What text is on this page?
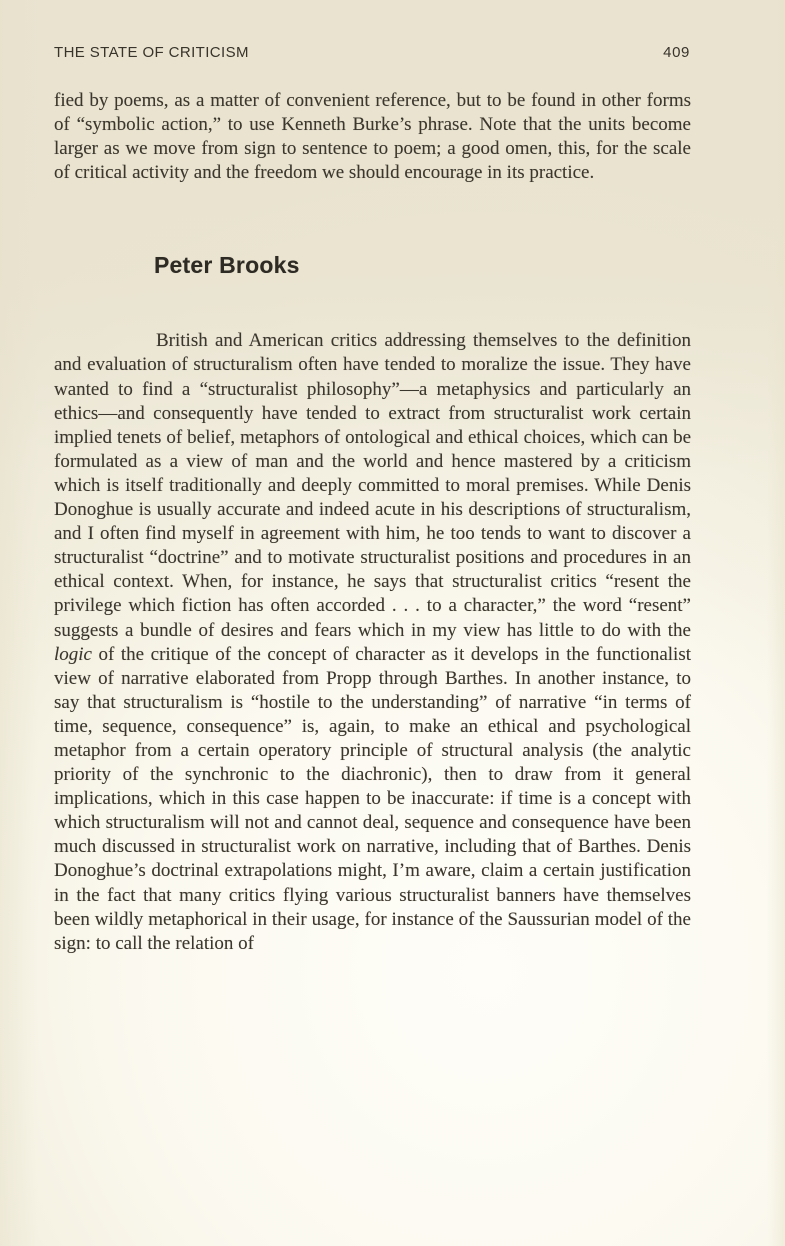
THE STATE OF CRITICISM	409

fied by poems, as a matter of convenient reference, but to be found in other forms of “symbolic action,” to use Kenneth Burke’s phrase. Note that the units become larger as we move from sign to sentence to poem; a good omen, this, for the scale of critical activity and the freedom we should encourage in its practice.

Peter Brooks

British and American critics addressing themselves to the definition and evaluation of structuralism often have tended to moralize the issue. They have wanted to find a “structuralist philosophy”—a metaphysics and particularly an ethics—and consequently have tended to extract from structuralist work certain implied tenets of belief, metaphors of ontological and ethical choices, which can be formulated as a view of man and the world and hence mastered by a criticism which is itself traditionally and deeply committed to moral premises. While Denis Donoghue is usually accurate and indeed acute in his descriptions of structuralism, and I often find myself in agreement with him, he too tends to want to discover a structuralist “doctrine” and to motivate structuralist positions and procedures in an ethical context. When, for instance, he says that structuralist critics “resent the privilege which fiction has often accorded . . . to a character,” the word “resent” suggests a bundle of desires and fears which in my view has little to do with the logic of the critique of the concept of character as it develops in the functionalist view of narrative elaborated from Propp through Barthes. In another instance, to say that structuralism is “hostile to the understanding” of narrative “in terms of time, sequence, consequence” is, again, to make an ethical and psychological metaphor from a certain operatory principle of structural analysis (the analytic priority of the synchronic to the diachronic), then to draw from it general implications, which in this case happen to be inaccurate: if time is a concept with which structuralism will not and cannot deal, sequence and consequence have been much discussed in structuralist work on narrative, including that of Barthes. Denis Donoghue’s doctrinal extrapolations might, I’m aware, claim a certain justification in the fact that many critics flying various structuralist banners have themselves been wildly metaphorical in their usage, for instance of the Saussurian model of the sign: to call the relation of
